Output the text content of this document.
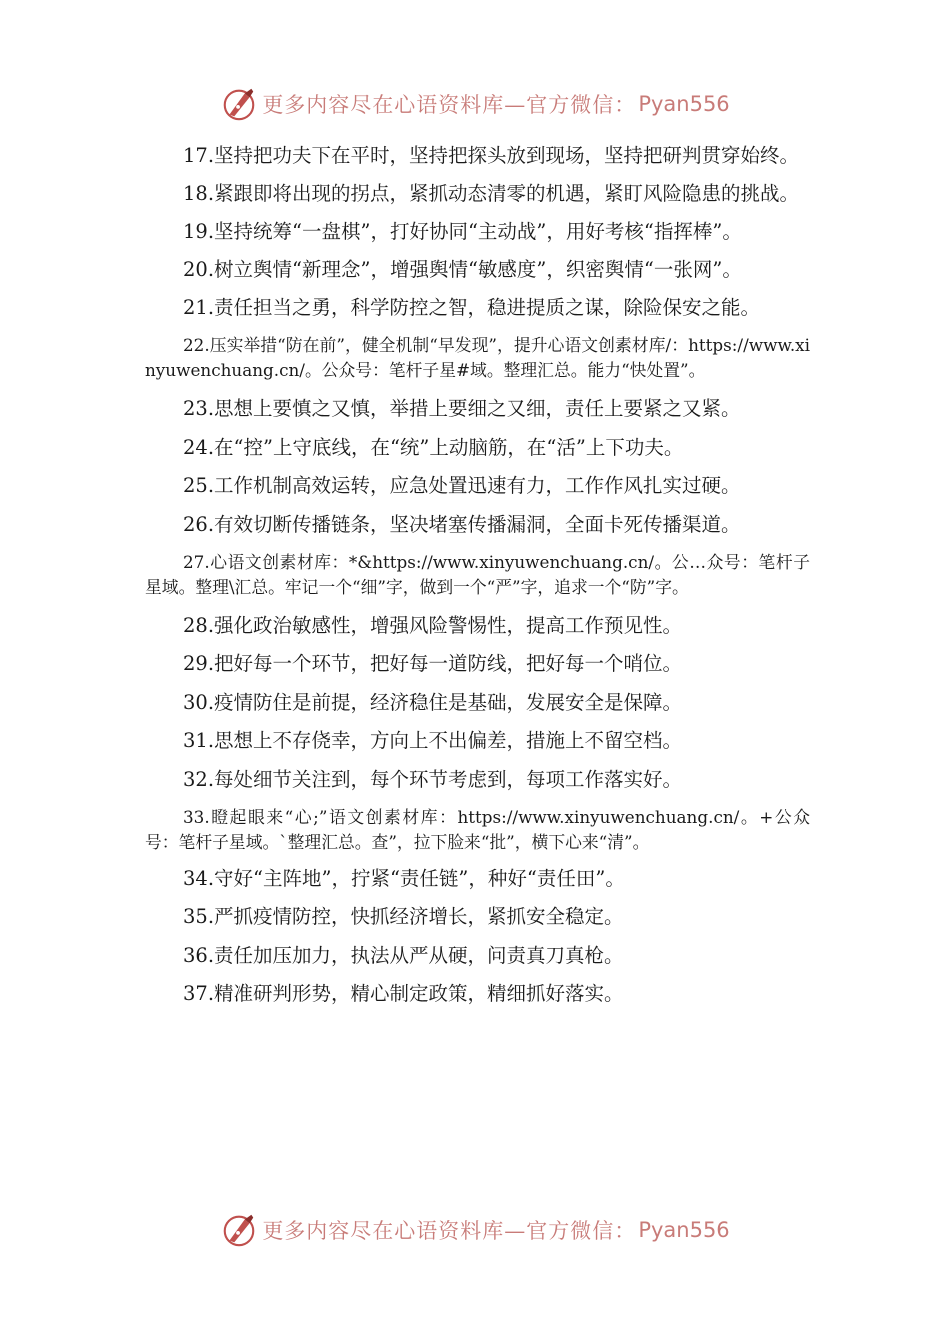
更多内容尽在心语资料库—官方微信： Pyan556

17.坚持把功夫下在平时，坚持把探头放到现场，坚持把研判贯穿始终。

18.紧跟即将出现的拐点，紧抓动态清零的机遇，紧盯风险隐患的挑战。

19.坚持统筹“一盘棋”，打好协同“主动战”，用好考核“指挥棒”。

20.树立舆情“新理念”，增强舆情“敏感度”，织密舆情“一张网”。

21.责任担当之勇，科学防控之智，稳进提质之谋，除险保安之能。

22.压实举措“防在前”，健全机制“早发现”，提升心语文创素材库/：https://www.xinyuwenchuang.cn/。公众号：笔杆子星#域。整理汇总。能力“快处置”。

23.思想上要慎之又慎，举措上要细之又细，责任上要紧之又紧。

24.在“控”上守底线，在“统”上动脑筋，在“活”上下功夫。

25.工作机制高效运转，应急处置迅速有力，工作作风扎实过硬。

26.有效切断传播链条，坚决堵塞传播漏洞，全面卡死传播渠道。

27.心语文创素材库：*&https://www.xinyuwenchuang.cn/。公…众号：笔杆子星域。整理\汇总。牢记一个“细”字，做到一个“严”字，追求一个“防”字。

28.强化政治敏感性，增强风险警惕性，提高工作预见性。

29.把好每一个环节，把好每一道防线，把好每一个哨位。

30.疫情防住是前提，经济稳住是基础，发展安全是保障。

31.思想上不存侥幸，方向上不出偏差，措施上不留空档。

32.每处细节关注到，每个环节考虑到，每项工作落实好。

33.瞪起眼来“心;”语文创素材库：https://www.xinyuwenchuang.cn/。+公众号：笔杆子星域。`整理汇总。查”，拉下脸来“批”，横下心来“清”。

34.守好“主阵地”，拧紧“责任链”，种好“责任田”。

35.严抓疫情防控，快抓经济增长，紧抓安全稳定。

36.责任加压加力，执法从严从硬，问责真刀真枪。

37.精准研判形势，精心制定政策，精细抓好落实。

更多内容尽在心语资料库—官方微信： Pyan556
